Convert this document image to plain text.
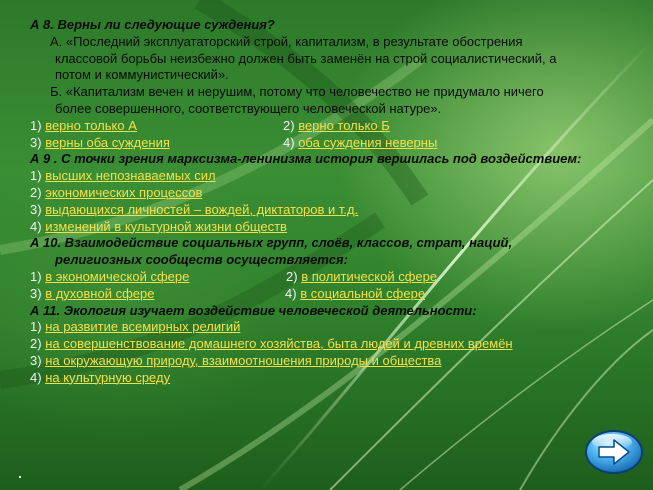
А 8. Верны ли следующие суждения?
А. «Последний эксплуататорский строй, капитализм, в результате обострения
классовой борьбы неизбежно должен быть заменён на строй социалистический, а
потом и коммунистический».
Б. «Капитализм вечен и нерушим, потому что человечество не придумало ничего
более совершенного, соответствующего человеческой натуре».
1) верно только А	2) верно только Б
3) верны оба суждения	4) оба суждения неверны
А 9 . С точки зрения марксизма-ленинизма история вершилась под воздействием:
1) высших непознаваемых сил
2) экономических процессов
3) выдающихся личностей – вождей, диктаторов и т.д.
4) изменений в культурной жизни обществ
А 10. Взаимодействие социальных групп, слоёв, классов, страт, наций,
религиозных сообществ осуществляется:
1) в экономической сфере	2) в политической сфере
3) в духовной сфере	4) в социальной сфере
А 11. Экология изучает воздействие человеческой деятельности:
1) на развитие всемирных религий
2) на совершенствование домашнего хозяйства, быта людей и древних времён
3) на окружающую природу, взаимоотношения природы и общества
4) на культурную среду
